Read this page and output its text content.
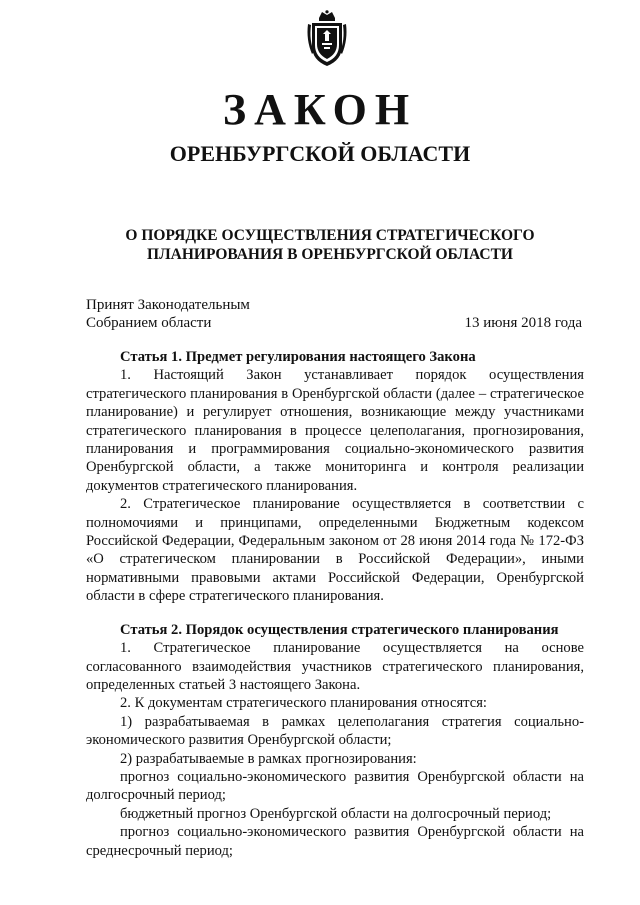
ЗАКОН
ОРЕНБУРГСКОЙ ОБЛАСТИ
О ПОРЯДКЕ ОСУЩЕСТВЛЕНИЯ СТРАТЕГИЧЕСКОГО
ПЛАНИРОВАНИЯ В ОРЕНБУРГСКОЙ ОБЛАСТИ
Принят Законодательным
Собранием области	13 июня 2018 года

Статья 1. Предмет регулирования настоящего Закона

1. Настоящий Закон устанавливает порядок осуществления стратегического планирования в Оренбургской области (далее – стратегическое планирование) и регулирует отношения, возникающие между участниками стратегического планирования в процессе целеполагания, прогнозирования, планирования и программирования социально-экономического развития Оренбургской области, а также мониторинга и контроля реализации документов стратегического планирования.

2. Стратегическое планирование осуществляется в соответствии с полномочиями и принципами, определенными Бюджетным кодексом Российской Федерации, Федеральным законом от 28 июня 2014 года № 172-ФЗ «О стратегическом планировании в Российской Федерации», иными нормативными правовыми актами Российской Федерации, Оренбургской области в сфере стратегического планирования.

Статья 2. Порядок осуществления стратегического планирования

1. Стратегическое планирование осуществляется на основе согласованного взаимодействия участников стратегического планирования, определенных статьей 3 настоящего Закона.

2. К документам стратегического планирования относятся:

1) разрабатываемая в рамках целеполагания стратегия социально-экономического развития Оренбургской области;

2) разрабатываемые в рамках прогнозирования:

прогноз социально-экономического развития Оренбургской области на долгосрочный период;

бюджетный прогноз Оренбургской области на долгосрочный период;

прогноз социально-экономического развития Оренбургской области на среднесрочный период;
